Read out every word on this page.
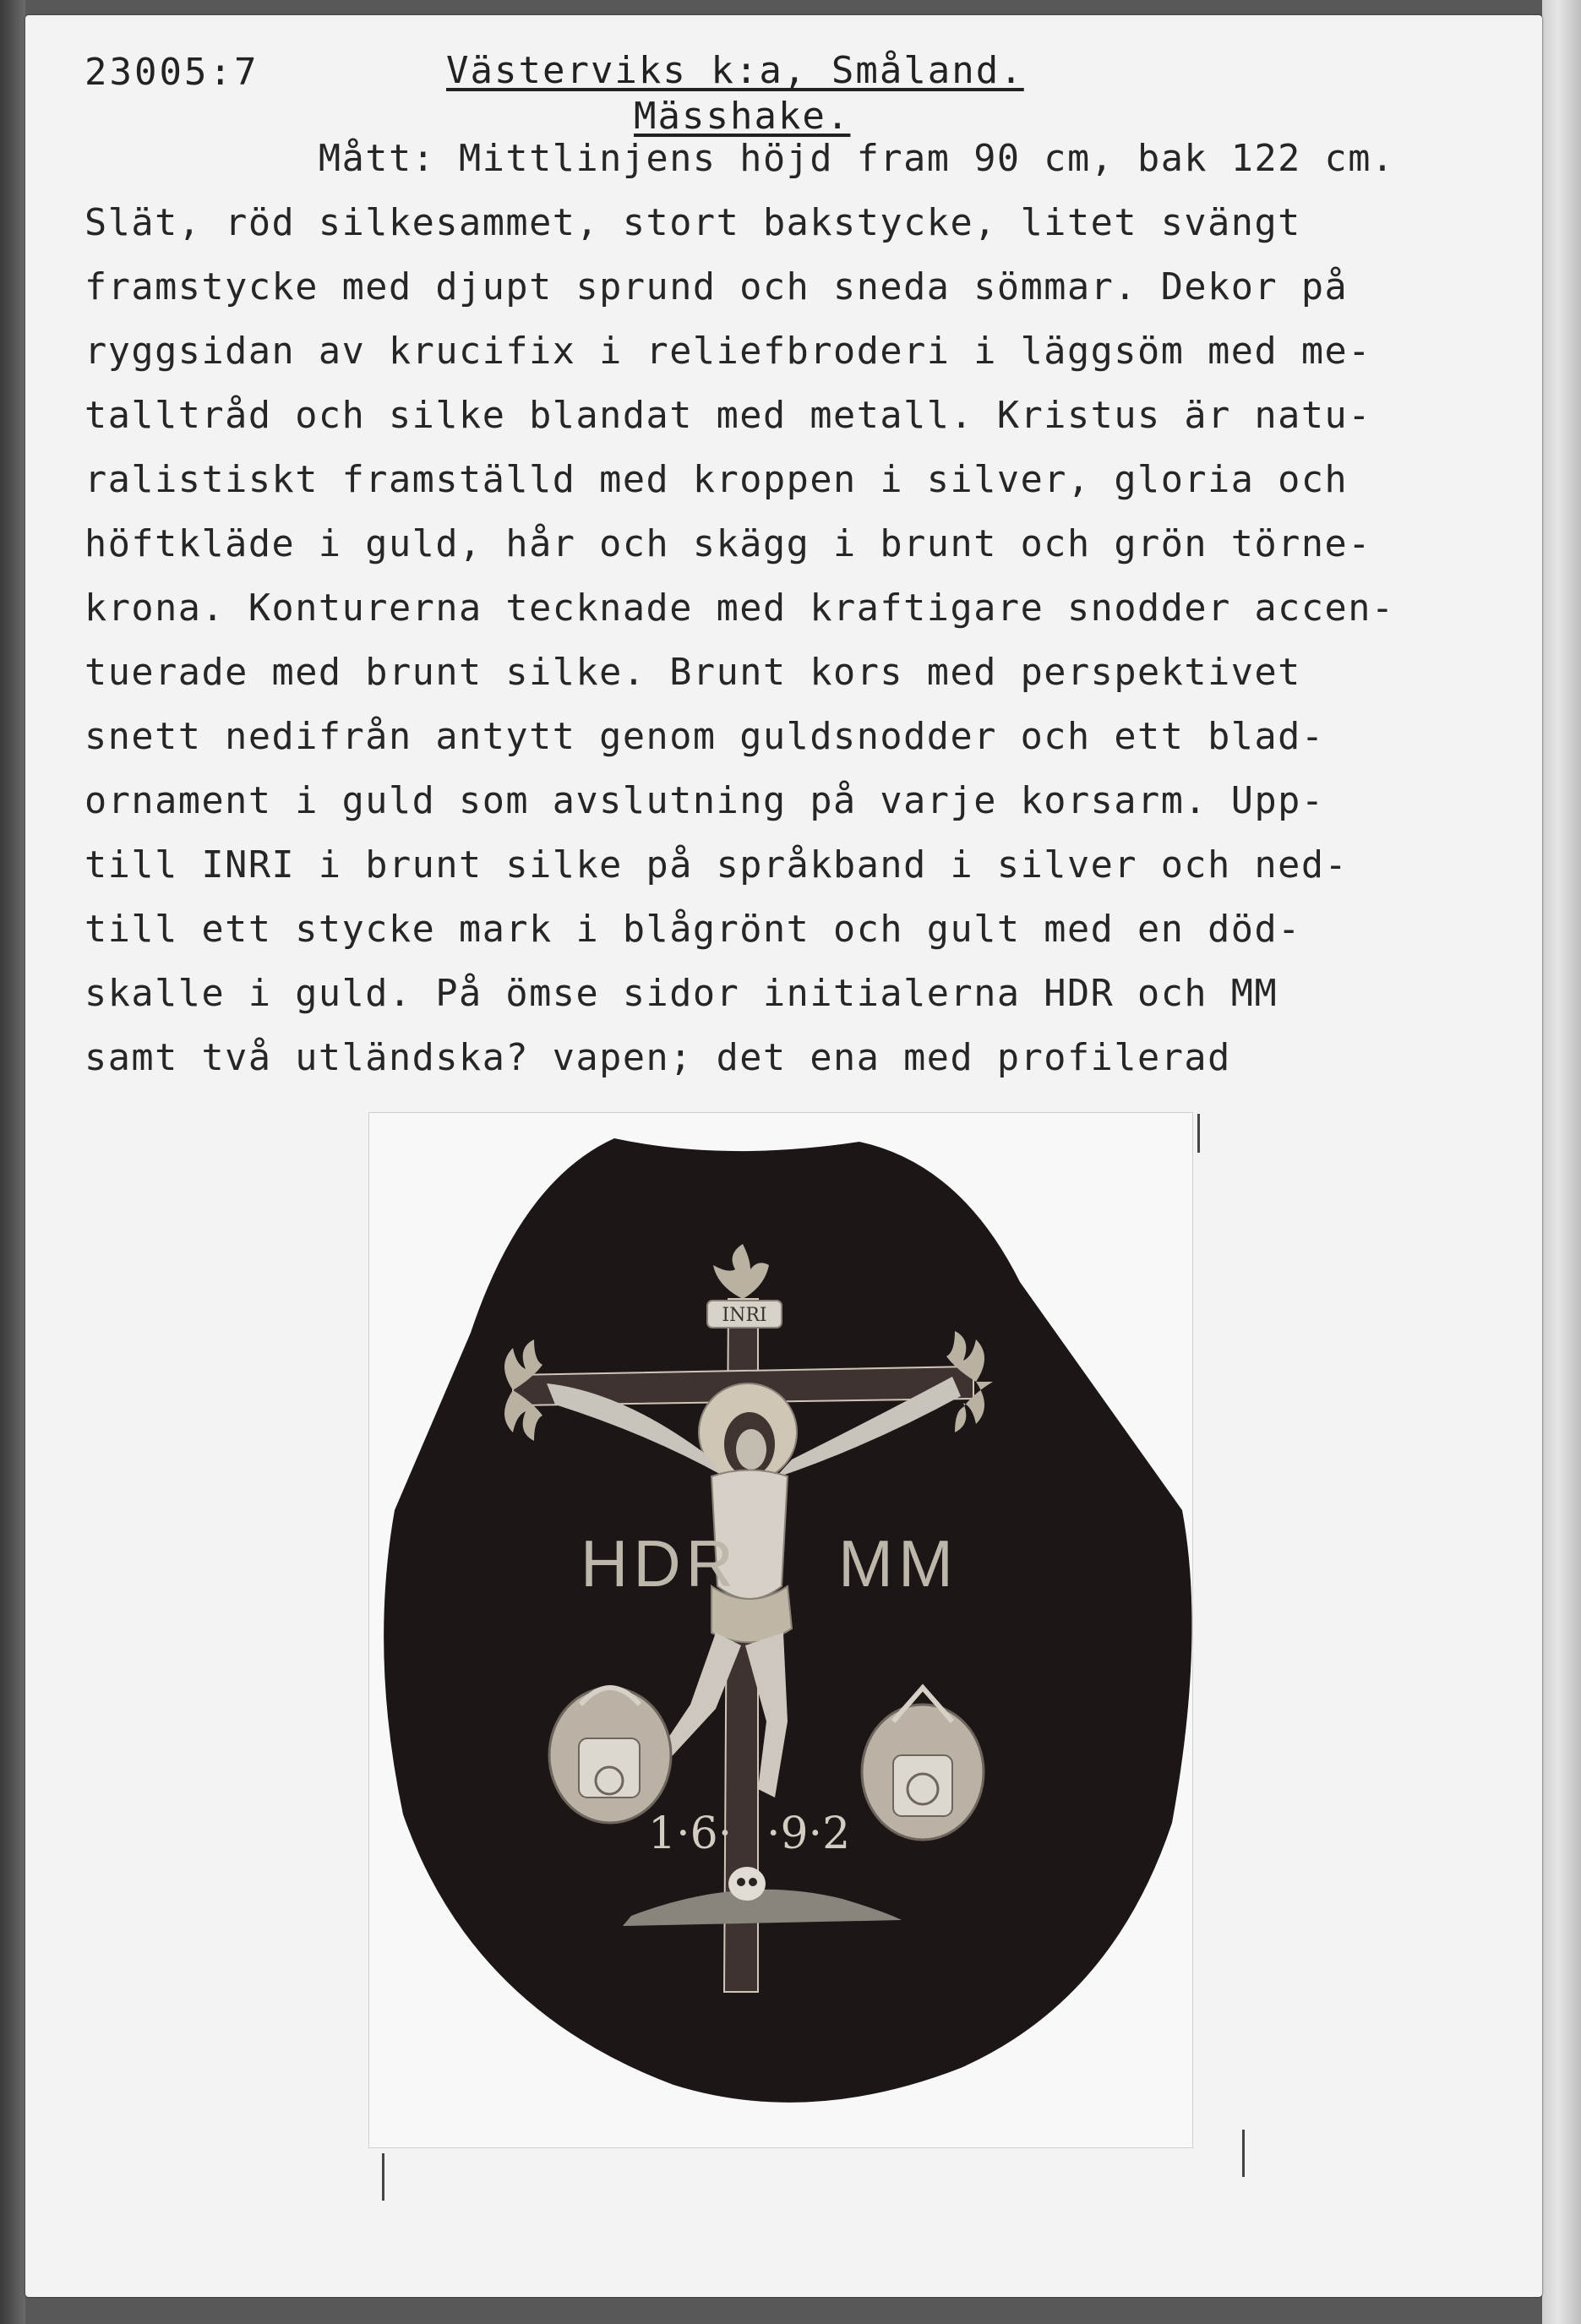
23005:7	Västerviks k:a, Småland.
Mässhake.
Mått: Mittlinjens höjd fram 90 cm, bak 122 cm.
Slät, röd silkesammet, stort bakstycke, litet svängt
framstycke med djupt sprund och sneda sömmar. Dekor på
ryggsidan av krucifix i reliefbroderi i läggsöm med me-
talltråd och silke blandat med metall. Kristus är natu-
ralistiskt framställd med kroppen i silver, gloria och
höftkläde i guld, hår och skägg i brunt och grön törne-
krona. Konturerna tecknade med kraftigare snodder accen-
tuerade med brunt silke. Brunt kors med perspektivet
snett nedifrån antytt genom guldsnodder och ett blad-
ornament i guld som avslutning på varje korsarm. Upp-
till INRI i brunt silke på språkband i silver och ned-
till ett stycke mark i blågrönt och gult med en död-
skalle i guld. På ömse sidor initialerna HDR och MM
samt två utländska? vapen; det ena med profilerad
INRI
HDR MM
1·6· ·9·2
